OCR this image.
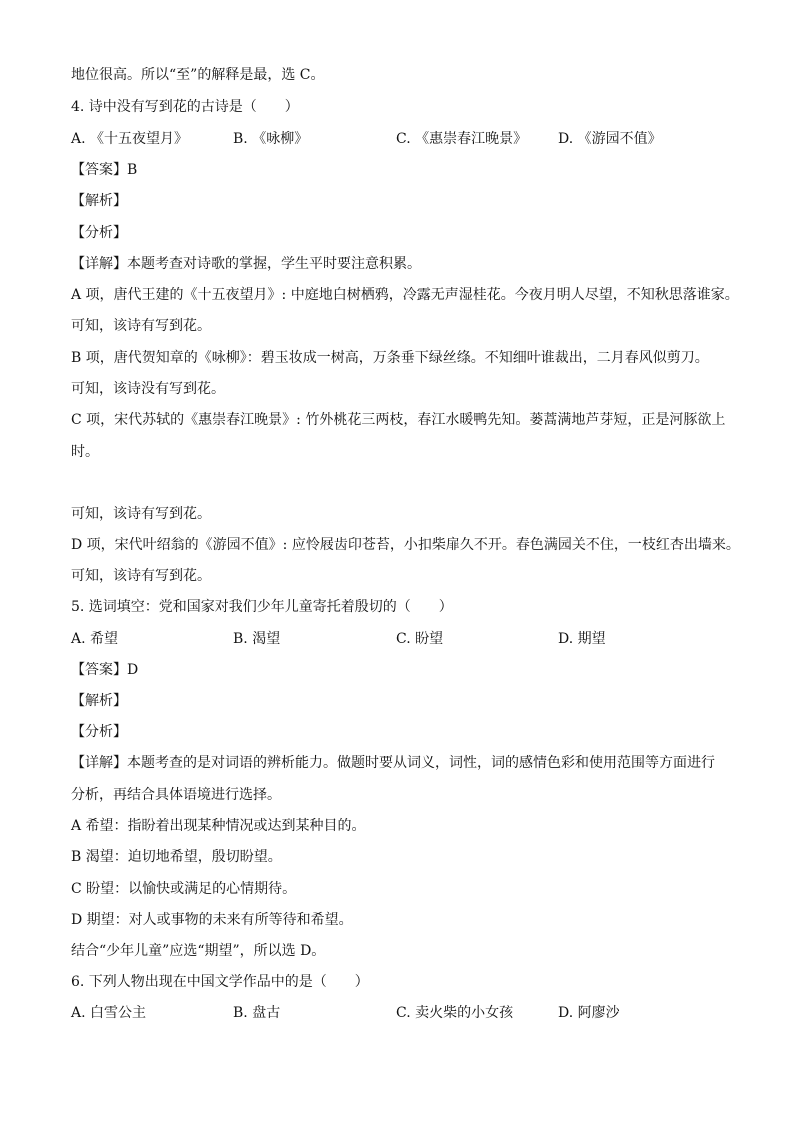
地位很高。所以“至”的解释是最，选 C。
4. 诗中没有写到花的古诗是（　　）
A. 《十五夜望月》	B. 《咏柳》	C. 《惠崇春江晚景》	D. 《游园不值》
【答案】B
【解析】
【分析】
【详解】本题考查对诗歌的掌握，学生平时要注意积累。
A 项，唐代王建的《十五夜望月》: 中庭地白树栖鸦，冷露无声湿桂花。今夜月明人尽望，不知秋思落谁家。
可知，该诗有写到花。
B 项，唐代贺知章的《咏柳》：碧玉妆成一树高，万条垂下绿丝绦。不知细叶谁裁出，二月春风似剪刀。
可知，该诗没有写到花。
C 项，宋代苏轼的《惠崇春江晚景》: 竹外桃花三两枝，春江水暖鸭先知。蒌蒿满地芦芽短，正是河豚欲上
时。
可知，该诗有写到花。
D 项，宋代叶绍翁的《游园不值》: 应怜屐齿印苍苔，小扣柴扉久不开。春色满园关不住，一枝红杏出墙来。
可知，该诗有写到花。
5. 选词填空：党和国家对我们少年儿童寄托着殷切的（　　）
A. 希望	B. 渴望	C. 盼望	D. 期望
【答案】D
【解析】
【分析】
【详解】本题考查的是对词语的辨析能力。做题时要从词义，词性，词的感情色彩和使用范围等方面进行
分析，再结合具体语境进行选择。
A 希望：指盼着出现某种情况或达到某种目的。
B 渴望：迫切地希望，殷切盼望。
C 盼望：以愉快或满足的心情期待。
D 期望：对人或事物的未来有所等待和希望。
结合“少年儿童”应选“期望”，所以选 D。
6. 下列人物出现在中国文学作品中的是（　　）
A. 白雪公主	B. 盘古	C. 卖火柴的小女孩	D. 阿廖沙
